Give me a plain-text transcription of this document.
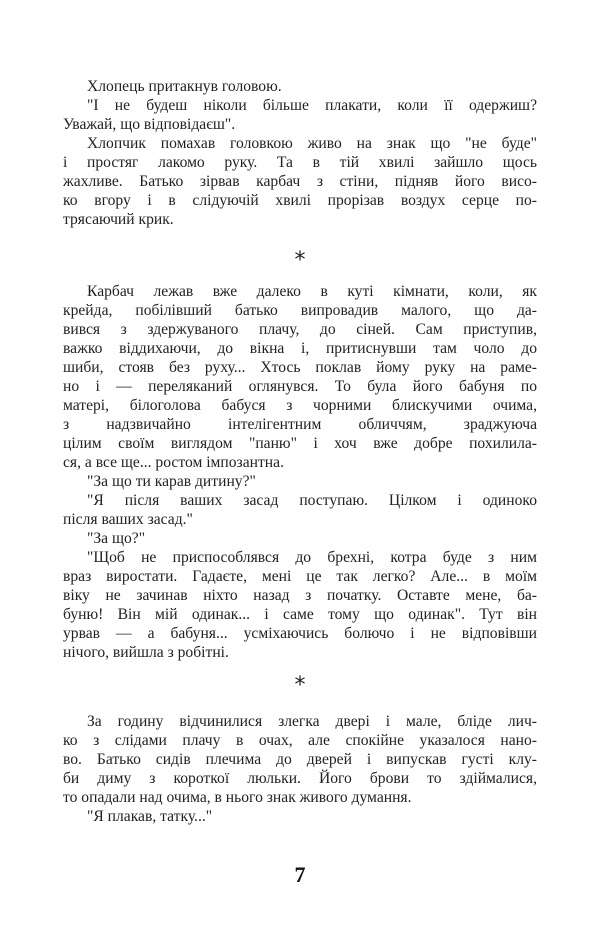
Хлопець притакнув головою.
"І не будеш ніколи більше плакати, коли її одержиш?
Уважай, що відповідаєш".
Хлопчик помахав головкою живо на знак що "не буде"
і простяг лакомо руку. Та в тій хвилі зайшло щось
жахливе. Батько зірвав карбач з стіни, підняв його висо-
ко вгору і в слідуючій хвилі прорізав воздух серце по-
трясаючий крик.
*
Карбач лежав вже далеко в куті кімнати, коли, як
крейда, побілівший батько випровадив малого, що да-
вився з здержуваного плачу, до сіней. Сам приступив,
важко віддихаючи, до вікна і, притиснувши там чоло до
шиби, стояв без руху... Хтось поклав йому руку на раме-
но і — переляканий оглянувся. То була його бабуня по
матері, білоголова бабуся з чорними блискучими очима,
з надзвичайно інтелігентним обличчям, зраджуюча
цілим своїм виглядом "паню" і хоч вже добре похилила-
ся, а все ще... ростом імпозантна.
"За що ти карав дитину?"
"Я після ваших засад поступаю. Цілком і одиноко
після ваших засад."
"За що?"
"Щоб не приспособлявся до брехні, котра буде з ним
враз виростати. Гадаєте, мені це так легко? Але... в моїм
віку не зачинав ніхто назад з початку. Оставте мене, ба-
буню! Він мій одинак... і саме тому що одинак". Тут він
урвав — а бабуня... усміхаючись болючо і не відповівши
нічого, вийшла з робітні.
*
За годину відчинилися злегка двері і мале, бліде лич-
ко з слідами плачу в очах, але спокійне указалося нано-
во. Батько сидів плечима до дверей і випускав густі клу-
би диму з короткої люльки. Його брови то здіймалися,
то опадали над очима, в нього знак живого думання.
"Я плакав, татку..."
7
